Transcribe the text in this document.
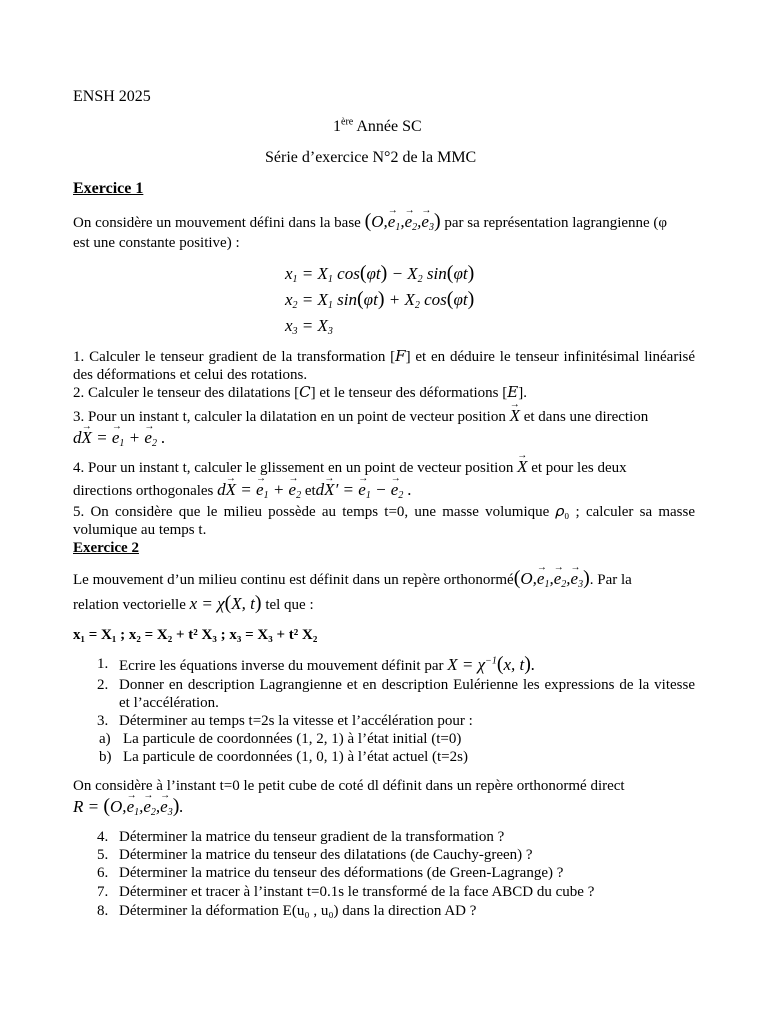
ENSH 2025
1ère Année SC
Série d’exercice N°2 de la MMC
Exercice 1
On considère un mouvement défini dans la base $(O,\to e_1,\to e_2,\to e_3)$ par sa représentation lagrangienne (φ
est une constante positive) :
$x_1 = X_1$ $\cos(\varphi t) - X_2$ sin(φt)
$x_2 = X_1$ $\sin(\varphi t) + X_2$ cos(φt)
$x_3 = X_3$
1. Calculer le tenseur gradient de la transformation [𝐹] et en déduire le tenseur infinitésimal linéarisé des déformations et celui des rotations.
2. Calculer le tenseur des dilatations [𝐶] et le tenseur des déformations [𝐸].
3. Pour un instant t, calculer la dilatation en un point de vecteur position → X et dans une direction
d→ X = → $e_1$ + → $e_2$ .
4. Pour un instant t, calculer le glissement en un point de vecteur position → X et pour les deux
directions orthogonales d→ X = → $e_1$ + → $e_2$ etd→ X′ = → $e_1$ − → $e_2$ .
5. On considère que le milieu possède au temps t=0, une masse volumique 𝜌₀ ; calculer sa masse volumique au temps t.
Exercice 2
Le mouvement d’un milieu continu est définit dans un repère orthonormé(O,→ $e_1,\to e_2,\to e_3$). Par la
relation vectorielle x = χ(X, t) tel que :
x₁ = X₁ ; x₂ = X₂ + t² X₃ ; x₃ = X₃ + t² X₂
1. Ecrire les équations inverse du mouvement définit par $X = \chi^{-1}(x$, t).
2. Donner en description Lagrangienne et en description Eulérienne les expressions de la vitesse et l’accélération.
3. Déterminer au temps t=2s la vitesse et l’accélération pour :
a) La particule de coordonnées (1, 2, 1) à l’état initial (t=0)
b) La particule de coordonnées (1, 0, 1) à l’état actuel (t=2s)
On considère à l’instant t=0 le petit cube de coté dl définit dans un repère orthonormé direct
$R = (O,\to e_1,\to e_2,\to e_3)$.
4. Déterminer la matrice du tenseur gradient de la transformation ?
5. Déterminer la matrice du tenseur des dilatations (de Cauchy-green) ?
6. Déterminer la matrice du tenseur des déformations (de Green-Lagrange) ?
7. Déterminer et tracer à l’instant t=0.1s le transformé de la face ABCD du cube ?
8. Déterminer la déformation E(u₀ , u₀) dans la direction AD ?
